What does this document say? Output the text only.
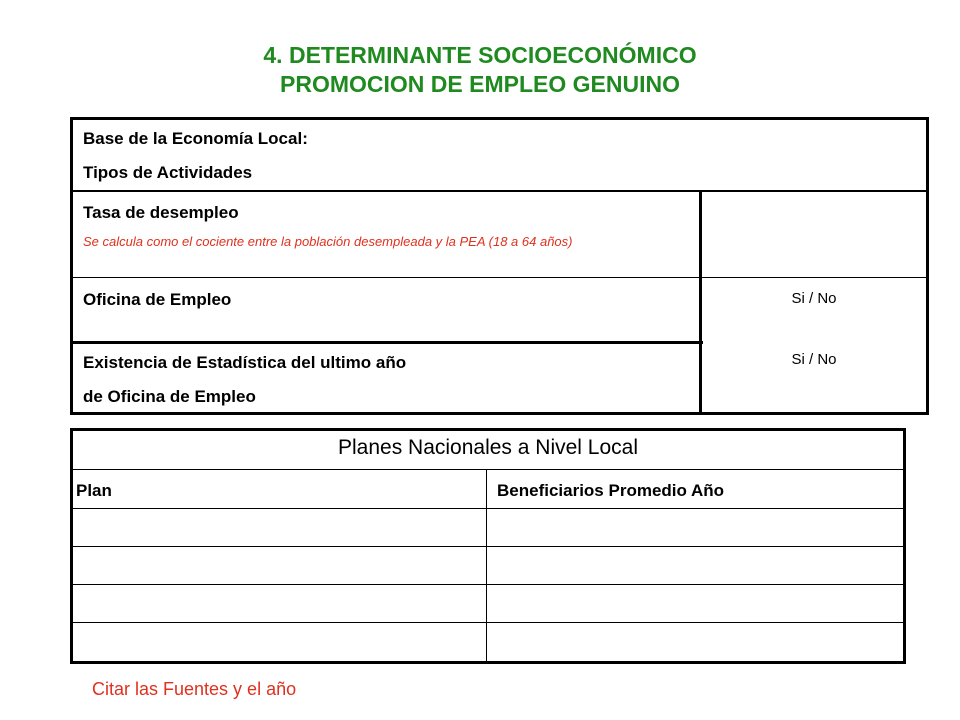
4. DETERMINANTE SOCIOECONÓMICO
PROMOCION DE EMPLEO GENUINO
Base de la Economía Local:
Tipos de Actividades
Tasa de desempleo
Se calcula como el cociente entre la población desempleada y la PEA (18 a 64 años)
Oficina de Empleo	Si / No
Existencia de Estadística del ultimo año
de Oficina de Empleo
Si / No
Planes Nacionales a Nivel Local
Plan	Beneficiarios Promedio Año
Citar las Fuentes y el año
